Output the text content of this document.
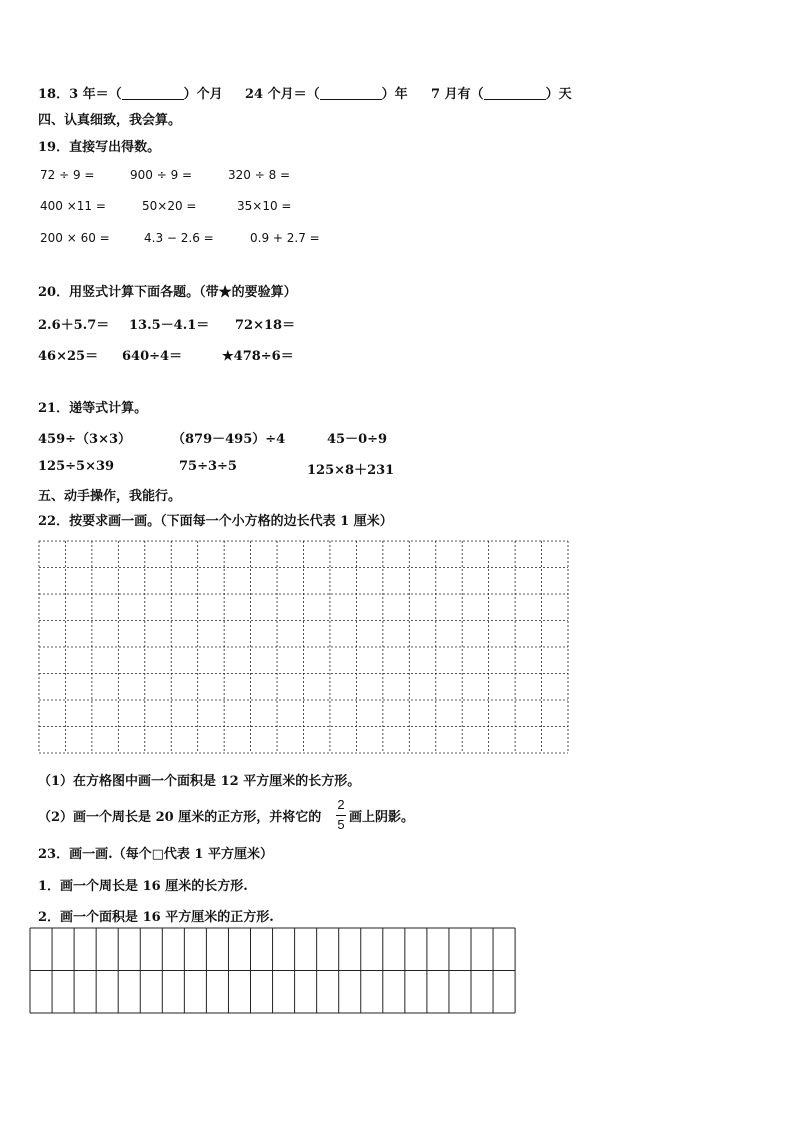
18．3 年＝（	）个月 24 个月＝（	）年 7 月有（	）天
四、认真细致，我会算。
19．直接写出得数。
72 ÷ 9 =	900 ÷ 9 =	320 ÷ 8 =
400 ×11 =	50×20 =	35×10 =
200 × 60 =	4.3 − 2.6 =	0.9 + 2.7 =
20．用竖式计算下面各题。（带★的要验算）
2.6＋5.7＝ 13.5－4.1＝ 72×18＝
46×25＝ 640÷4＝	★478÷6＝
21．递等式计算。
459÷（3×3）	（879－495）÷4	45－0÷9
125÷5×39	75÷3÷5	125×8＋231
五、动手操作，我能行。
22．按要求画一画。（下面每一个小方格的边长代表 1 厘米）
（1）在方格图中画一个面积是 12 平方厘米的长方形。
（2）画一个周长是 20 厘米的正方形，并将它的
2
5 画上阴影。
23．画一画.（每个□代表 1 平方厘米）
1．画一个周长是 16 厘米的长方形.
2．画一个面积是 16 平方厘米的正方形.
